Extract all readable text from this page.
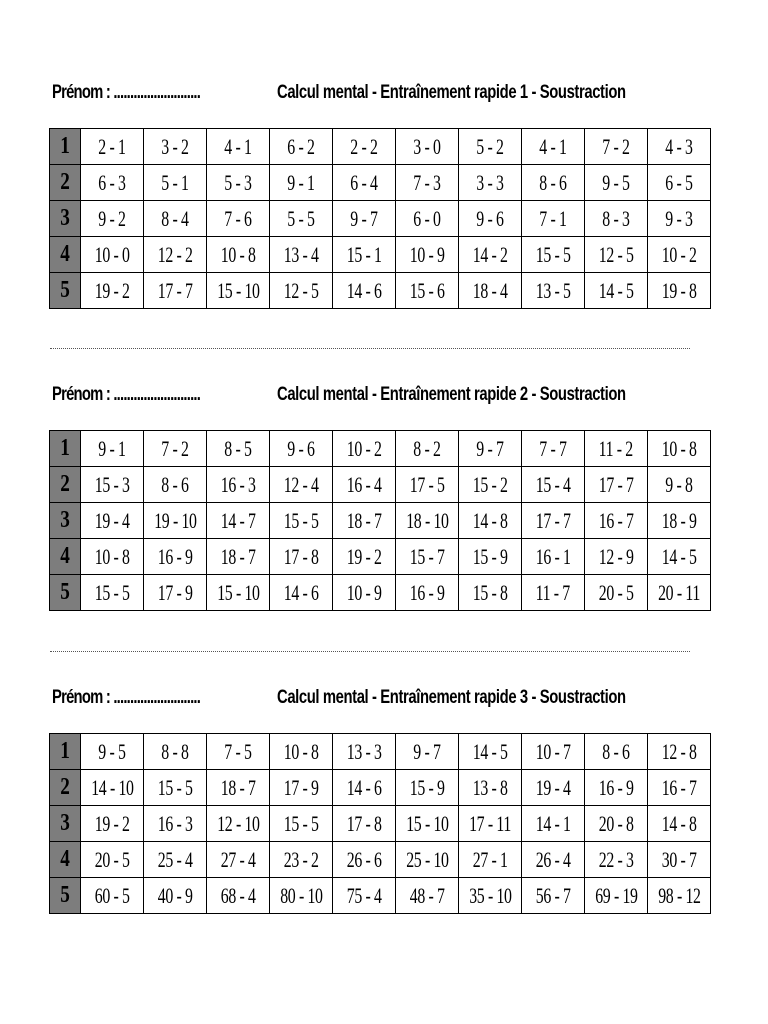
Prénom : ..........................	Calcul mental - Entraînement rapide 1 - Soustraction
1	2 - 1	3 - 2	4 - 1	6 - 2	2 - 2	3 - 0	5 - 2	4 - 1	7 - 2	4 - 3
2	6 - 3	5 - 1	5 - 3	9 - 1	6 - 4	7 - 3	3 - 3	8 - 6	9 - 5	6 - 5
3	9 - 2	8 - 4	7 - 6	5 - 5	9 - 7	6 - 0	9 - 6	7 - 1	8 - 3	9 - 3
4	10 - 0	12 - 2	10 - 8	13 - 4	15 - 1	10 - 9	14 - 2	15 - 5	12 - 5	10 - 2
5	19 - 2	17 - 7	15 - 10	12 - 5	14 - 6	15 - 6	18 - 4	13 - 5	14 - 5	19 - 8
Prénom : ..........................	Calcul mental - Entraînement rapide 2 - Soustraction
1	9 - 1	7 - 2	8 - 5	9 - 6	10 - 2	8 - 2	9 - 7	7 - 7	11 - 2	10 - 8
2	15 - 3	8 - 6	16 - 3	12 - 4	16 - 4	17 - 5	15 - 2	15 - 4	17 - 7	9 - 8
3	19 - 4	19 - 10	14 - 7	15 - 5	18 - 7	18 - 10	14 - 8	17 - 7	16 - 7	18 - 9
4	10 - 8	16 - 9	18 - 7	17 - 8	19 - 2	15 - 7	15 - 9	16 - 1	12 - 9	14 - 5
5	15 - 5	17 - 9	15 - 10	14 - 6	10 - 9	16 - 9	15 - 8	11 - 7	20 - 5	20 - 11
Prénom : ..........................	Calcul mental - Entraînement rapide 3 - Soustraction
1	9 - 5	8 - 8	7 - 5	10 - 8	13 - 3	9 - 7	14 - 5	10 - 7	8 - 6	12 - 8
2	14 - 10	15 - 5	18 - 7	17 - 9	14 - 6	15 - 9	13 - 8	19 - 4	16 - 9	16 - 7
3	19 - 2	16 - 3	12 - 10	15 - 5	17 - 8	15 - 10	17 - 11	14 - 1	20 - 8	14 - 8
4	20 - 5	25 - 4	27 - 4	23 - 2	26 - 6	25 - 10	27 - 1	26 - 4	22 - 3	30 - 7
5	60 - 5	40 - 9	68 - 4	80 - 10	75 - 4	48 - 7	35 - 10	56 - 7	69 - 19	98 - 12
